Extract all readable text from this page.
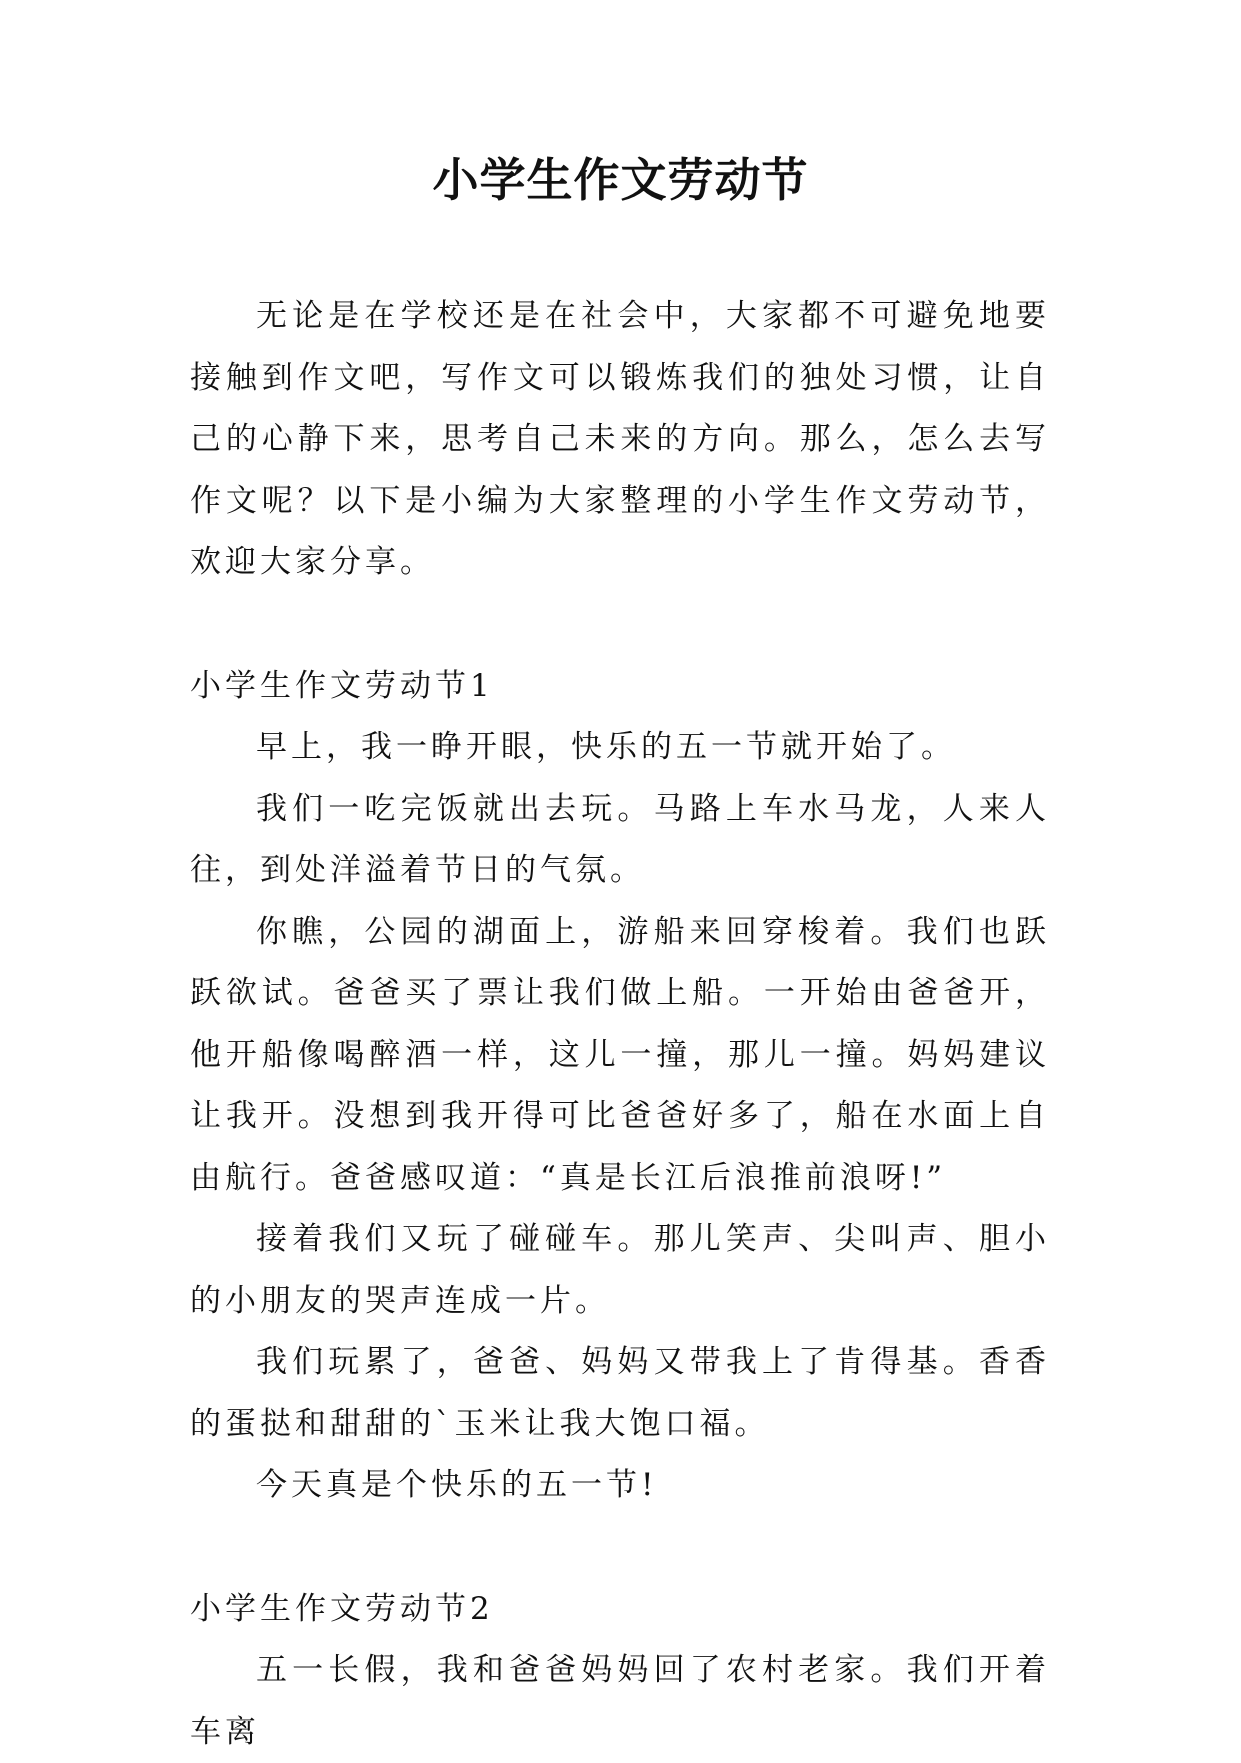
小学生作文劳动节

无论是在学校还是在社会中，大家都不可避免地要接触到作文吧，写作文可以锻炼我们的独处习惯，让自己的心静下来，思考自己未来的方向。那么，怎么去写作文呢？以下是小编为大家整理的小学生作文劳动节，欢迎大家分享。

小学生作文劳动节1

早上，我一睁开眼，快乐的五一节就开始了。

我们一吃完饭就出去玩。马路上车水马龙，人来人往，到处洋溢着节日的气氛。

你瞧，公园的湖面上，游船来回穿梭着。我们也跃跃欲试。爸爸买了票让我们做上船。一开始由爸爸开，他开船像喝醉酒一样，这儿一撞，那儿一撞。妈妈建议让我开。没想到我开得可比爸爸好多了，船在水面上自由航行。爸爸感叹道：“真是长江后浪推前浪呀!”

接着我们又玩了碰碰车。那儿笑声、尖叫声、胆小的小朋友的哭声连成一片。

我们玩累了，爸爸、妈妈又带我上了肯得基。香香的蛋挞和甜甜的`玉米让我大饱口福。

今天真是个快乐的五一节!

小学生作文劳动节2

五一长假，我和爸爸妈妈回了农村老家。我们开着车离
